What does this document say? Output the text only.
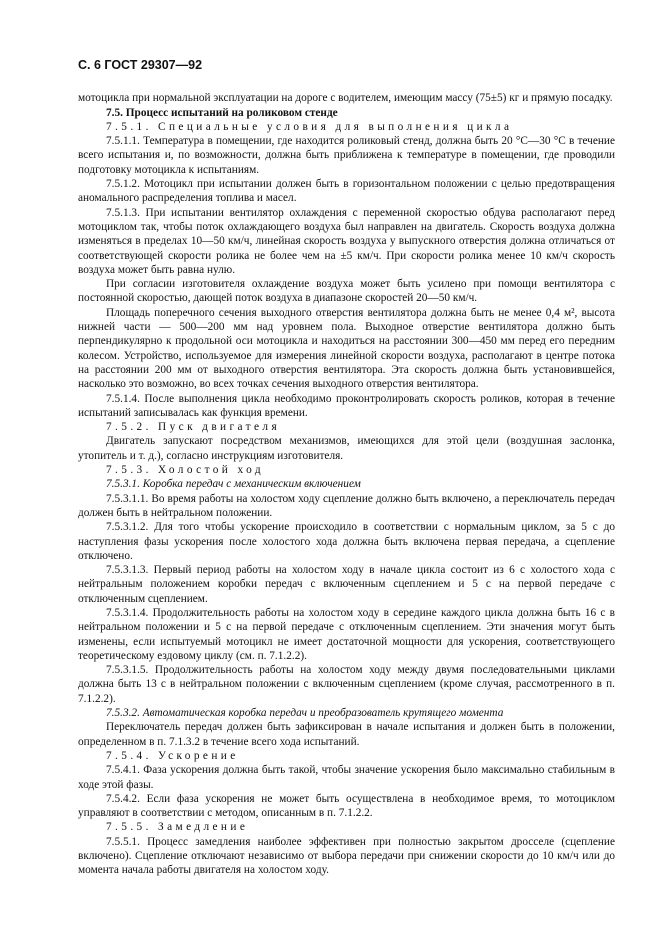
С. 6 ГОСТ 29307—92

мотоцикла при нормальной эксплуатации на дороге с водителем, имеющим массу (75±5) кг и прямую посадку.

7.5. Процесс испытаний на роликовом стенде

7.5.1. Специальные условия для выполнения цикла

7.5.1.1. Температура в помещении, где находится роликовый стенд, должна быть 20 °С—30 °С в течение всего испытания и, по возможности, должна быть приближена к температуре в помещении, где проводили подготовку мотоцикла к испытаниям.

7.5.1.2. Мотоцикл при испытании должен быть в горизонтальном положении с целью предотвращения аномального распределения топлива и масел.

7.5.1.3. При испытании вентилятор охлаждения с переменной скоростью обдува располагают перед мотоциклом так, чтобы поток охлаждающего воздуха был направлен на двигатель. Скорость воздуха должна изменяться в пределах 10—50 км/ч, линейная скорость воздуха у выпускного отверстия должна отличаться от соответствующей скорости ролика не более чем на ±5 км/ч. При скорости ролика менее 10 км/ч скорость воздуха может быть равна нулю.

При согласии изготовителя охлаждение воздуха может быть усилено при помощи вентилятора с постоянной скоростью, дающей поток воздуха в диапазоне скоростей 20—50 км/ч.

Площадь поперечного сечения выходного отверстия вентилятора должна быть не менее 0,4 м², высота нижней части — 500—200 мм над уровнем пола. Выходное отверстие вентилятора должно быть перпендикулярно к продольной оси мотоцикла и находиться на расстоянии 300—450 мм перед его передним колесом. Устройство, используемое для измерения линейной скорости воздуха, располагают в центре потока на расстоянии 200 мм от выходного отверстия вентилятора. Эта скорость должна быть установившейся, насколько это возможно, во всех точках сечения выходного отверстия вентилятора.

7.5.1.4. После выполнения цикла необходимо проконтролировать скорость роликов, которая в течение испытаний записывалась как функция времени.

7.5.2. Пуск двигателя

Двигатель запускают посредством механизмов, имеющихся для этой цели (воздушная заслонка, утопитель и т. д.), согласно инструкциям изготовителя.

7.5.3. Холостой ход

7.5.3.1. Коробка передач с механическим включением

7.5.3.1.1. Во время работы на холостом ходу сцепление должно быть включено, а переключатель передач должен быть в нейтральном положении.

7.5.3.1.2. Для того чтобы ускорение происходило в соответствии с нормальным циклом, за 5 с до наступления фазы ускорения после холостого хода должна быть включена первая передача, а сцепление отключено.

7.5.3.1.3. Первый период работы на холостом ходу в начале цикла состоит из 6 с холостого хода с нейтральным положением коробки передач с включенным сцеплением и 5 с на первой передаче с отключенным сцеплением.

7.5.3.1.4. Продолжительность работы на холостом ходу в середине каждого цикла должна быть 16 с в нейтральном положении и 5 с на первой передаче с отключенным сцеплением. Эти значения могут быть изменены, если испытуемый мотоцикл не имеет достаточной мощности для ускорения, соответствующего теоретическому ездовому циклу (см. п. 7.1.2.2).

7.5.3.1.5. Продолжительность работы на холостом ходу между двумя последовательными циклами должна быть 13 с в нейтральном положении с включенным сцеплением (кроме случая, рассмотренного в п. 7.1.2.2).

7.5.3.2. Автоматическая коробка передач и преобразователь крутящего момента

Переключатель передач должен быть зафиксирован в начале испытания и должен быть в положении, определенном в п. 7.1.3.2 в течение всего хода испытаний.

7.5.4. Ускорение

7.5.4.1. Фаза ускорения должна быть такой, чтобы значение ускорения было максимально стабильным в ходе этой фазы.

7.5.4.2. Если фаза ускорения не может быть осуществлена в необходимое время, то мотоциклом управляют в соответствии с методом, описанным в п. 7.1.2.2.

7.5.5. Замедление

7.5.5.1. Процесс замедления наиболее эффективен при полностью закрытом дросселе (сцепление включено). Сцепление отключают независимо от выбора передачи при снижении скорости до 10 км/ч или до момента начала работы двигателя на холостом ходу.
